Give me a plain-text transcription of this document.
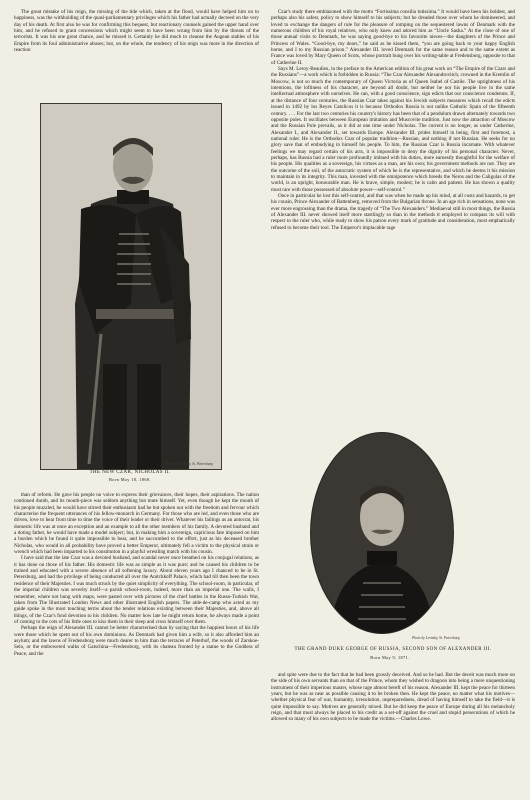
The great mistake of his reign, the missing of the tide which, taken at the flood, would have helped him on to happiness, was the withholding of the quasi-parliamentary privileges which his father had actually decreed on the very day of his death. At first also he was for confirming this bequest, but reactionary counsels gained the upper hand over him, and he refused to grant concessions which might seem to have been wrung from him by the threats of the terrorists. It was his one great chance, and he missed it. Certainly he did much to cleanse the Augean stables of his Empire from its foul administrative abuses; but, on the whole, the tendency of his reign was more in the direction of reaction

Czar's study there emblazoned with the motto “Fortissima consilia tutissima.” It would have been his boldest, and perhaps also his safest, policy to show himself to his subjects; but he dreaded those over whom he domineered, and loved to exchange the dangers of rule for the pleasure of romping on the sequestered lawns of Denmark with the numerous children of his royal relatives, who only knew and adored him as “Uncle Sasha.” At the close of one of those annual visits to Denmark, he was saying good-bye to his favourite nieces—the daughters of the Prince and Princess of Wales. “Good-bye, my dears,” he said as he kissed them, “you are going back to your happy English home, and I to my Russian prison.” Alexander III. loved Denmark for the same reason and to the same extent as France was loved by Mary Queen of Scots, whose portrait hung over his writing-table at Fredensborg, opposite to that of Catherine II.

Says M. Leroy-Beaulieu, in the preface to the American edition of his great work on “The Empire of the Czars and the Russians”—a work which is forbidden in Russia: “The Czar Alexander Alexandrovitch, crowned in the Kremlin of Moscow, is not so much the contemporary of Queen Victoria as of Queen Isabel of Castile. The uprightness of his intentions, the loftiness of his character, are beyond all doubt, but neither he nor his people live in the same intellectual atmosphere with ourselves. He can, with a good conscience, sign edicts that our conscience condemns. If, at the distance of four centuries, the Russian Czar takes against his Jewish subjects measures which recall the edicts issued in 1492 by los Reyes Catolicos it is because Orthodox Russia is not unlike Catholic Spain of the fifteenth century. . . . For the last two centuries his country's history has been that of a pendulum drawn alternately towards two opposite poles. It oscillates between European imitation and Muscovite tradition. Just now the attraction of Moscow and the Russian Pole prevails, as it did at one time under Nicholas. The current is no longer, as under Catherine, Alexander I., and Alexander II., set towards Europe. Alexander III. prides himself in being, first and foremost, a national ruler. He is the Orthodox Czar of popular tradition—Russian, and nothing if not Russian. He seeks for no glory save that of embodying in himself his people. To him, the Russian Czar is Russia incarnate. With whatever feelings we may regard certain of his acts, it is impossible to deny the dignity of his personal character. Never, perhaps, has Russia had a ruler more profoundly imbued with his duties, more earnestly thoughtful for the welfare of his people. His qualities as a sovereign, his virtues as a man, are his own; his government methods are not. They are the outcome of the soil, of the autocratic system of which he is the representative, and which he deems it his mission to maintain in its integrity. This man, invested with the omnipotence which breeds the Neros and the Caligulas of the world, is an upright, honourable man. He is brave, simple, modest; he is calm and patient. He has shown a quality most rare with those possessed of absolute power—self-control.”

Once in particular he lost this self-control, and that was when he made up his mind, at all costs and hazards, to get his cousin, Prince Alexander of Battenberg, removed from the Bulgarian throne. In an age rich in sensations, none was ever more engrossing than the drama, the tragedy of “The Two Alexanders.” Mediaeval still in most things, the Russia of Alexander III. never showed itself more startlingly so than in the methods it employed to compass its will with respect to the ruler who, while ready to show his patron every mark of gratitude and consideration, most emphatically refused to become their tool. The Emperor's implacable rage

Photo by Levitzky, St. Petersburg
THE NEW CZAR, NICHOLAS II.
Born May 18, 1868.

than of reform. He gave his people no voice to express their grievances, their hopes, their aspirations. The nation continued dumb, and its mouth-piece was seldom anything but mute himself. Yet, even though he kept the mouth of his people muzzled, he would have stirred their enthusiasm had he but spoken out with the freedom and fervour which characterise the frequent utterances of his fellow-monarch in Germany. For those who are led, and even those who are driven, love to hear from time to time the voice of their leader or their driver. Whatever his failings as an autocrat, his domestic life was at once an exception and an example to all the other members of his family. A devoted husband and a doting father, he would have made a model subject; but, in making him a sovereign, capricious fate imposed on him a burden which he found it quite impossible to bear, and he succumbed to the effort, just as his deceased brother Nicholas, who would in all probability have proved a better Emperor, ultimately fell a victim to the physical strain or wrench which had been imparted to his constitution in a playful wrestling match with his cousin.

I have said that the late Czar was a devoted husband, and scandal never once breathed on his conjugal relations, as it has done on those of his father. His domestic life was as simple as it was pure; and he caused his children to be trained and educated with a severe absence of all softening luxury. About eleven years ago I chanced to be in St. Petersburg, and had the privilege of being conducted all over the Anitchkoff Palace, which had till then been the town residence of their Majesties. I was much struck by the quiet simplicity of everything. The school-room, in particular, of the imperial children was severity itself—a parish school-room, indeed, more than an imperial one. The walls, I remember, where not hung with maps, were pasted over with pictures of the chief battles in the Russo-Turkish War, taken from The Illustrated London News and other illustrated English papers. The aide-de-camp who acted as my guide spoke in the most touching terms about the tender relations existing between their Majesties, and, above all things, of the Czar's fond devotion to his children. No matter how late he might return home, he always made a point of coming to the cots of his little ones to kiss them in their sleep and cross himself over them.

Perhaps the reign of Alexander III. cannot be better characterised than by saying that the happiest hours of his life were those which he spent out of his own dominions. As Denmark had given him a wife, so it also afforded him an asylum; and the lawns of Fredensborg were much dearer to him than the terraces of Peterhof, the woods of Zarskoe-Selo, or the embowered walks of Gatschina—Fredensborg, with its chateau fronted by a statue to the Goddess of Peace, and the

Photo by Levitzky, St. Petersburg
THE GRAND DUKE GEORGE OF RUSSIA, SECOND SON OF ALEXANDER III.
Born May 9, 1871.

and spite were due to the fact that he had been grossly deceived. And so he had. But the deceit was much more on the side of his own servants than on that of the Prince, whom they wished to dragoon into being a mere unquestioning instrument of their imperious master, whose rage almost bereft of his reason. Alexander III. kept the peace for thirteen years, but he was as near as possible causing it to be broken then. He kept the peace, no matter what his motives—whether physical fear of war, humanity, irresolution, unpreparedness, dread of having himself to take the field—it is quite impossible to say. Motives are generally mixed. But he did keep the peace of Europe during all his melancholy reign, and that must always be placed to his credit as a set-off against the cruel and stupid persecutions of which he allowed so many of his own subjects to be made the victims.—Charles Lowe.
